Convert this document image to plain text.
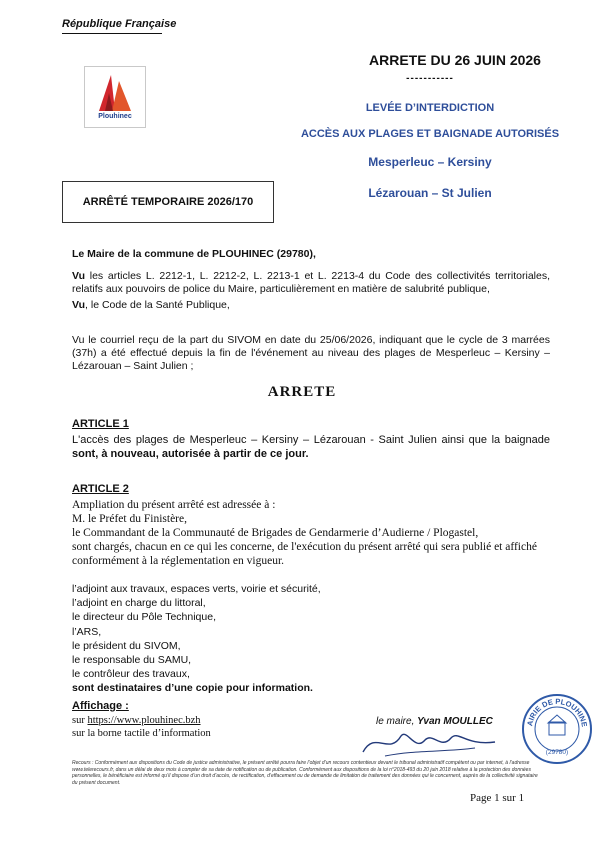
République Française
Plouhinec
ARRETE DU 26 JUIN 2026
-----------
LEVÉE D’INTERDICTION
ACCÈS AUX PLAGES ET BAIGNADE AUTORISÉS
Mesperleuc – Kersiny
Lézarouan – St Julien
ARRÊTÉ TEMPORAIRE 2026/170
Le Maire de la commune de PLOUHINEC (29780),
Vu les articles L. 2212-1, L. 2212-2, L. 2213-1 et L. 2213-4 du Code des collectivités territoriales, relatifs aux pouvoirs de police du Maire, particulièrement en matière de salubrité publique,
Vu, le Code de la Santé Publique,
Vu le courriel reçu de la part du SIVOM en date du 25/06/2026, indiquant que le cycle de 3 marrées (37h) a été effectué depuis la fin de l'événement au niveau des plages de Mesperleuc – Kersiny – Lézarouan – Saint Julien ;
ARRETE
ARTICLE 1
L'accès des plages de Mesperleuc – Kersiny – Lézarouan - Saint Julien ainsi que la baignade sont, à nouveau, autorisée à partir de ce jour.
ARTICLE 2
Ampliation du présent arrêté est adressée à :
M. le Préfet du Finistère,
le Commandant de la Communauté de Brigades de Gendarmerie d’Audierne / Plogastel,
sont chargés, chacun en ce qui les concerne, de l'exécution du présent arrêté qui sera publié et affiché conformément à la réglementation en vigueur.
l’adjoint aux travaux, espaces verts, voirie et sécurité,
l’adjoint en charge du littoral,
le directeur du Pôle Technique,
l’ARS,
le président du SIVOM,
le responsable du SAMU,
le contrôleur des travaux,
sont destinataires d’une copie pour information.
Affichage :
sur https://www.plouhinec.bzh
sur la borne tactile d’information
le maire, Yvan MOULLEC	AIRIE DE PLOUHINE
(29780)
Recours : Conformément aux dispositions du Code de justice administrative, le présent arrêté pourra faire l’objet d’un recours contentieux devant le tribunal administratif compétent ou par internet, à l’adresse www.telerecours.fr, dans un délai de deux mois à compter de sa date de notification ou de publication. Conformément aux dispositions de la loi n°2018-493 du 20 juin 2018 relative à la protection des données personnelles, le bénéficiaire est informé qu’il dispose d’un droit d’accès, de rectification, d’effacement ou de demande de limitation de traitement des données qui le concernent, auprès de la collectivité signataire du présent document.
Page 1 sur 1
